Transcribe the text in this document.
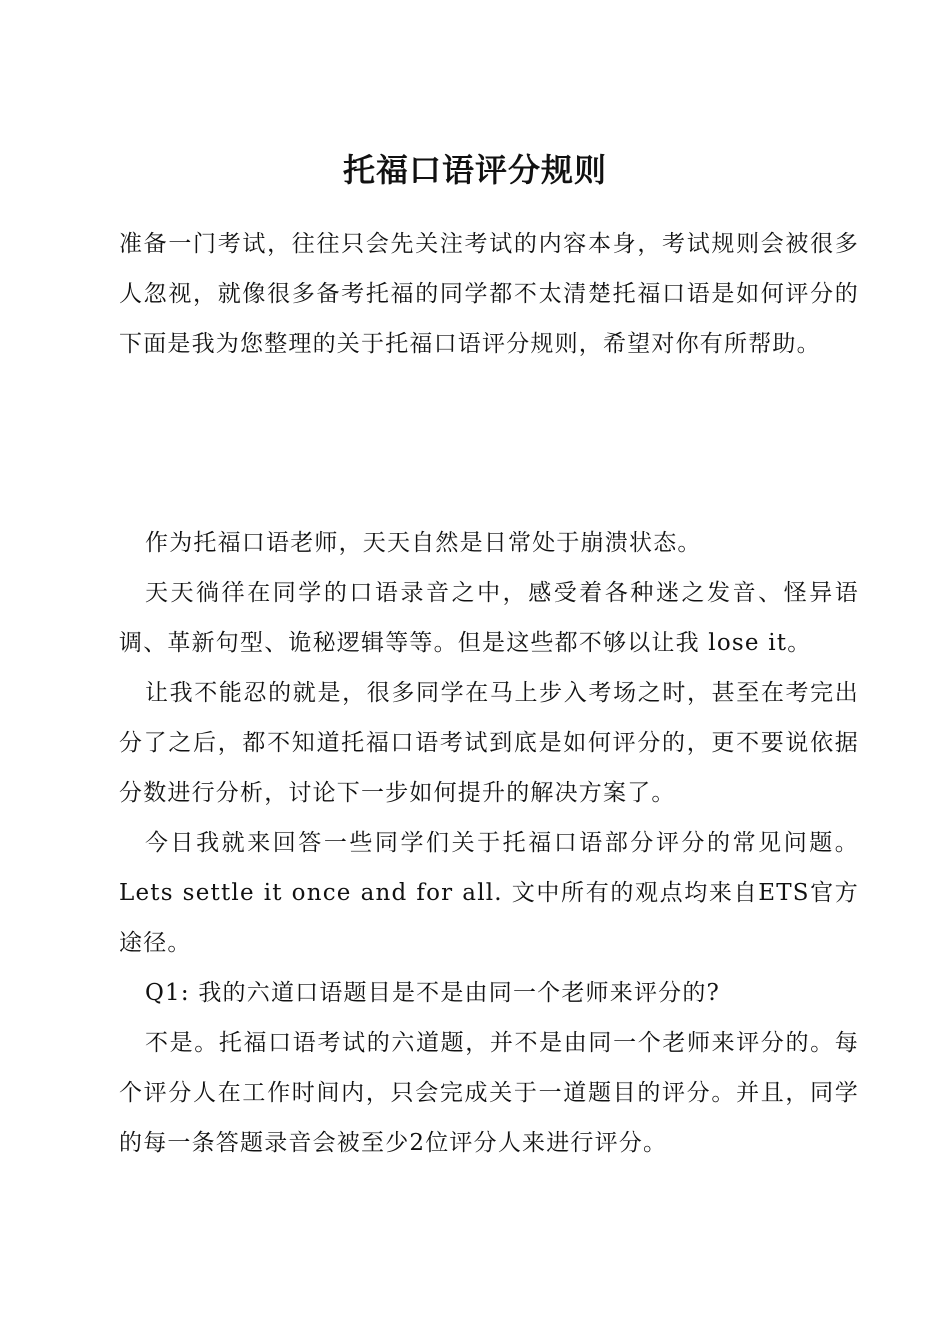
托福口语评分规则

准备一门考试，往往只会先关注考试的内容本身，考试规则会被很多人忽视，就像很多备考托福的同学都不太清楚托福口语是如何评分的下面是我为您整理的关于托福口语评分规则，希望对你有所帮助。

作为托福口语老师，天天自然是日常处于崩溃状态。

天天徜徉在同学的口语录音之中，感受着各种迷之发音、怪异语调、革新句型、诡秘逻辑等等。但是这些都不够以让我 lose it。

让我不能忍的就是，很多同学在马上步入考场之时，甚至在考完出分了之后，都不知道托福口语考试到底是如何评分的，更不要说依据分数进行分析，讨论下一步如何提升的解决方案了。

今日我就来回答一些同学们关于托福口语部分评分的常见问题。Lets settle it once and for all. 文中所有的观点均来自ETS官方途径。

Q1: 我的六道口语题目是不是由同一个老师来评分的?

不是。托福口语考试的六道题，并不是由同一个老师来评分的。每个评分人在工作时间内，只会完成关于一道题目的评分。并且，同学的每一条答题录音会被至少2位评分人来进行评分。
